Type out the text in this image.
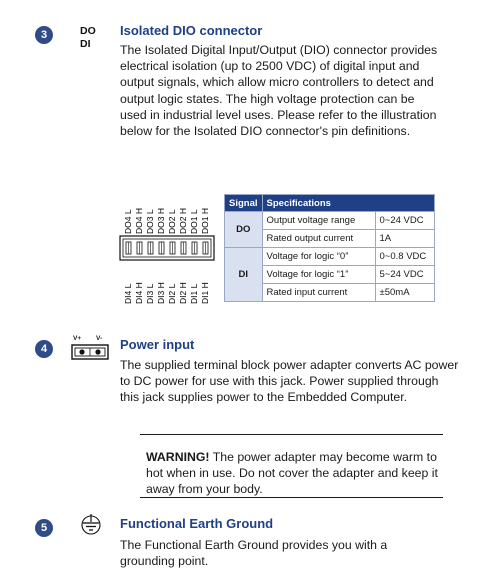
3	DO
DI
Isolated DIO connector
The Isolated Digital Input/Output (DIO) connector provides electrical isolation (up to 2500 VDC) of digital input and output signals, which allow micro controllers to detect and output logic states. The high voltage protection can be used in industrial level uses. Please refer to the illustration below for the Isolated DIO connector's pin definitions.
DO4 L DO4 H DO3 L DO3 H DO2 L DO2 H DO1 L DO1 H
DI4 L DI4 H DI3 L DI3 H DI2 L DI2 H DI1 L DI1 H
Signal	Specifications	
DO	Output voltage range	0~24 VDC
	Rated output current	1A
DI	Voltage for logic “0”	0~0.8 VDC
	Voltage for logic “1”	5~24 VDC
	Rated input current	±50mA
4
V+ V- Power input
The supplied terminal block power adapter converts AC power to DC power for use with this jack. Power supplied through this jack supplies power to the Embedded Computer.
WARNING! The power adapter may become warm to hot when in use. Do not cover the adapter and keep it away from your body.
5	Functional Earth Ground
The Functional Earth Ground provides you with a grounding point.
